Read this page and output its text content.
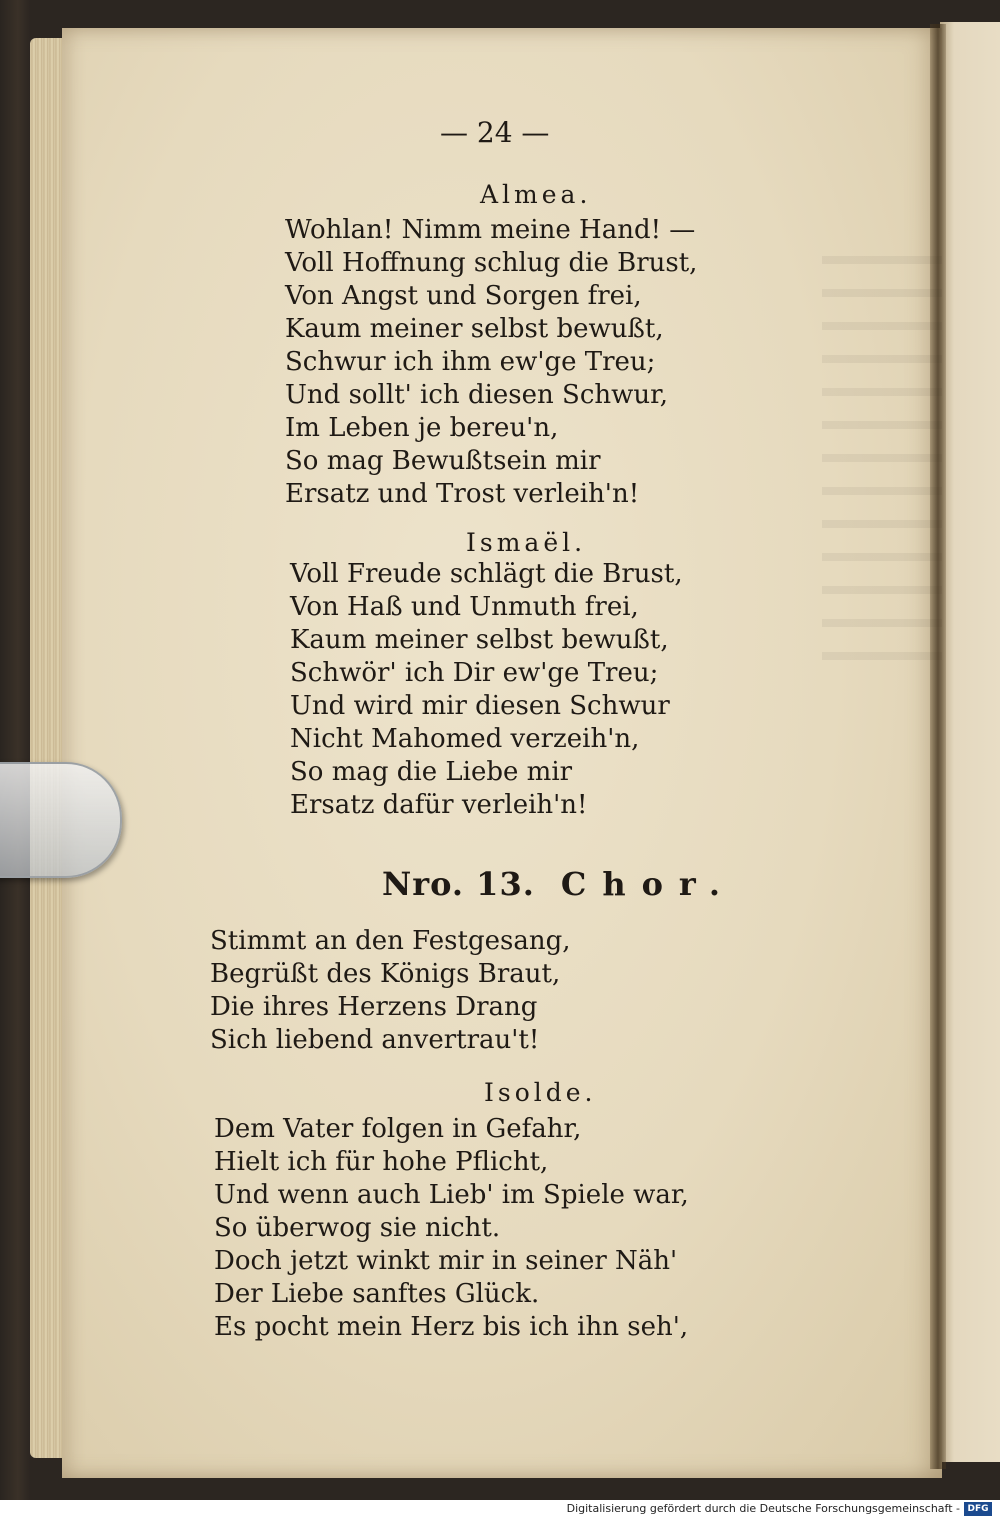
— 24 —
Almea.
Wohlan! Nimm meine Hand! —
Voll Hoffnung schlug die Brust,
Von Angst und Sorgen frei,
Kaum meiner selbst bewußt,
Schwur ich ihm ew'ge Treu;
Und sollt' ich diesen Schwur,
Im Leben je bereu'n,
So mag Bewußtsein mir
Ersatz und Trost verleih'n!
Ismaël.
Voll Freude schlägt die Brust,
Von Haß und Unmuth frei,
Kaum meiner selbst bewußt,
Schwör' ich Dir ew'ge Treu;
Und wird mir diesen Schwur
Nicht Mahomed verzeih'n,
So mag die Liebe mir
Ersatz dafür verleih'n!
Nro. 13. Chor.
Stimmt an den Festgesang,
Begrüßt des Königs Braut,
Die ihres Herzens Drang
Sich liebend anvertrau't!
Isolde.
Dem Vater folgen in Gefahr,
Hielt ich für hohe Pflicht,
Und wenn auch Lieb' im Spiele war,
So überwog sie nicht.
Doch jetzt winkt mir in seiner Näh'
Der Liebe sanftes Glück.
Es pocht mein Herz bis ich ihn seh',
Digitalisierung gefördert durch die Deutsche Forschungsgemeinschaft - DFG
